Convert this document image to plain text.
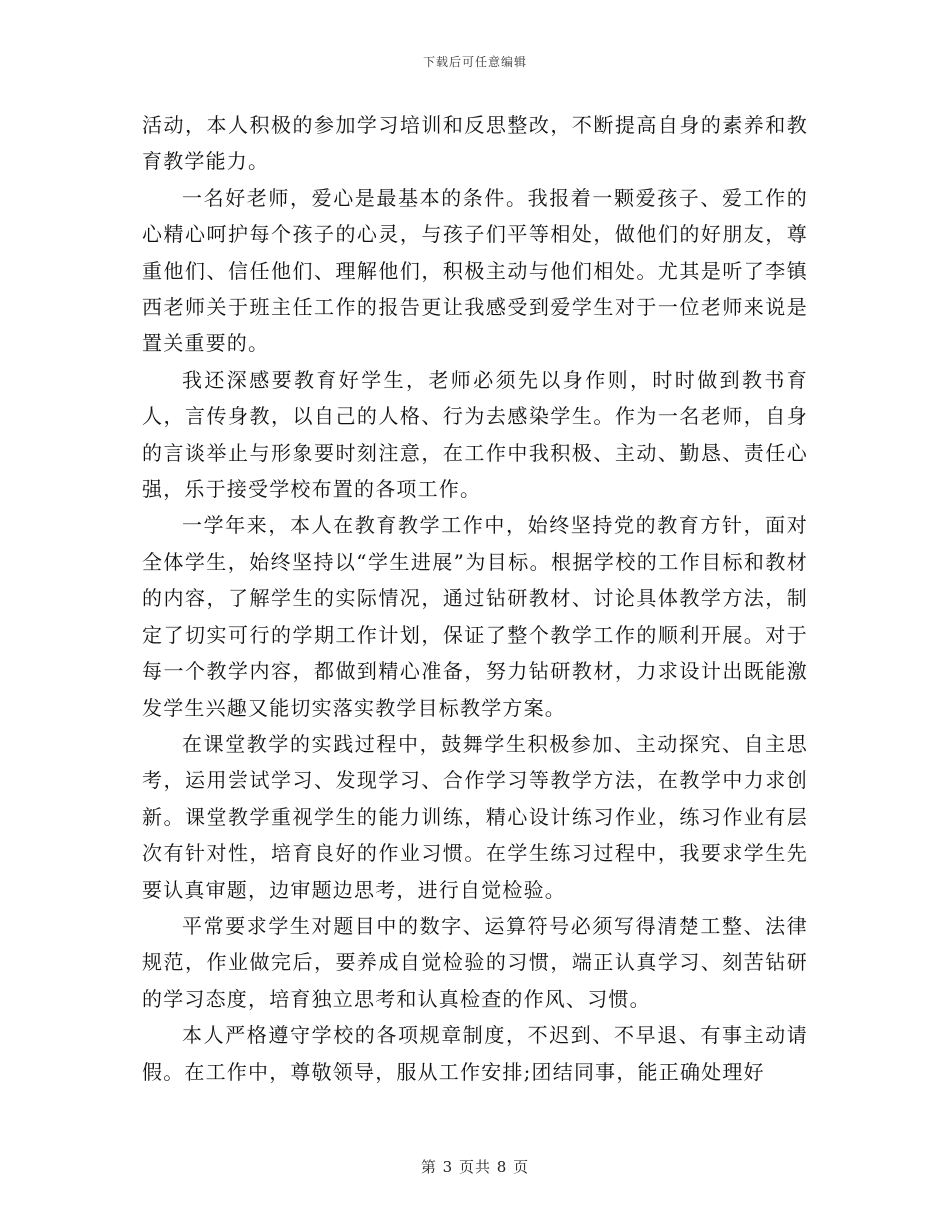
下载后可任意编辑

活动，本人积极的参加学习培训和反思整改，不断提高自身的素养和教育教学能力。

一名好老师，爱心是最基本的条件。我报着一颗爱孩子、爱工作的心精心呵护每个孩子的心灵，与孩子们平等相处，做他们的好朋友，尊重他们、信任他们、理解他们，积极主动与他们相处。尤其是听了李镇西老师关于班主任工作的报告更让我感受到爱学生对于一位老师来说是置关重要的。

我还深感要教育好学生，老师必须先以身作则，时时做到教书育人，言传身教，以自己的人格、行为去感染学生。作为一名老师，自身的言谈举止与形象要时刻注意，在工作中我积极、主动、勤恳、责任心强，乐于接受学校布置的各项工作。

一学年来，本人在教育教学工作中，始终坚持党的教育方针，面对全体学生，始终坚持以“学生进展”为目标。根据学校的工作目标和教材的内容，了解学生的实际情况，通过钻研教材、讨论具体教学方法，制定了切实可行的学期工作计划，保证了整个教学工作的顺利开展。对于每一个教学内容，都做到精心准备，努力钻研教材，力求设计出既能激发学生兴趣又能切实落实教学目标教学方案。

在课堂教学的实践过程中，鼓舞学生积极参加、主动探究、自主思考，运用尝试学习、发现学习、合作学习等教学方法，在教学中力求创新。课堂教学重视学生的能力训练，精心设计练习作业，练习作业有层次有针对性，培育良好的作业习惯。在学生练习过程中，我要求学生先要认真审题，边审题边思考，进行自觉检验。

平常要求学生对题目中的数字、运算符号必须写得清楚工整、法律规范，作业做完后，要养成自觉检验的习惯，端正认真学习、刻苦钻研的学习态度，培育独立思考和认真检查的作风、习惯。

本人严格遵守学校的各项规章制度，不迟到、不早退、有事主动请假。在工作中，尊敬领导，服从工作安排;团结同事，能正确处理好

第 3 页共 8 页
